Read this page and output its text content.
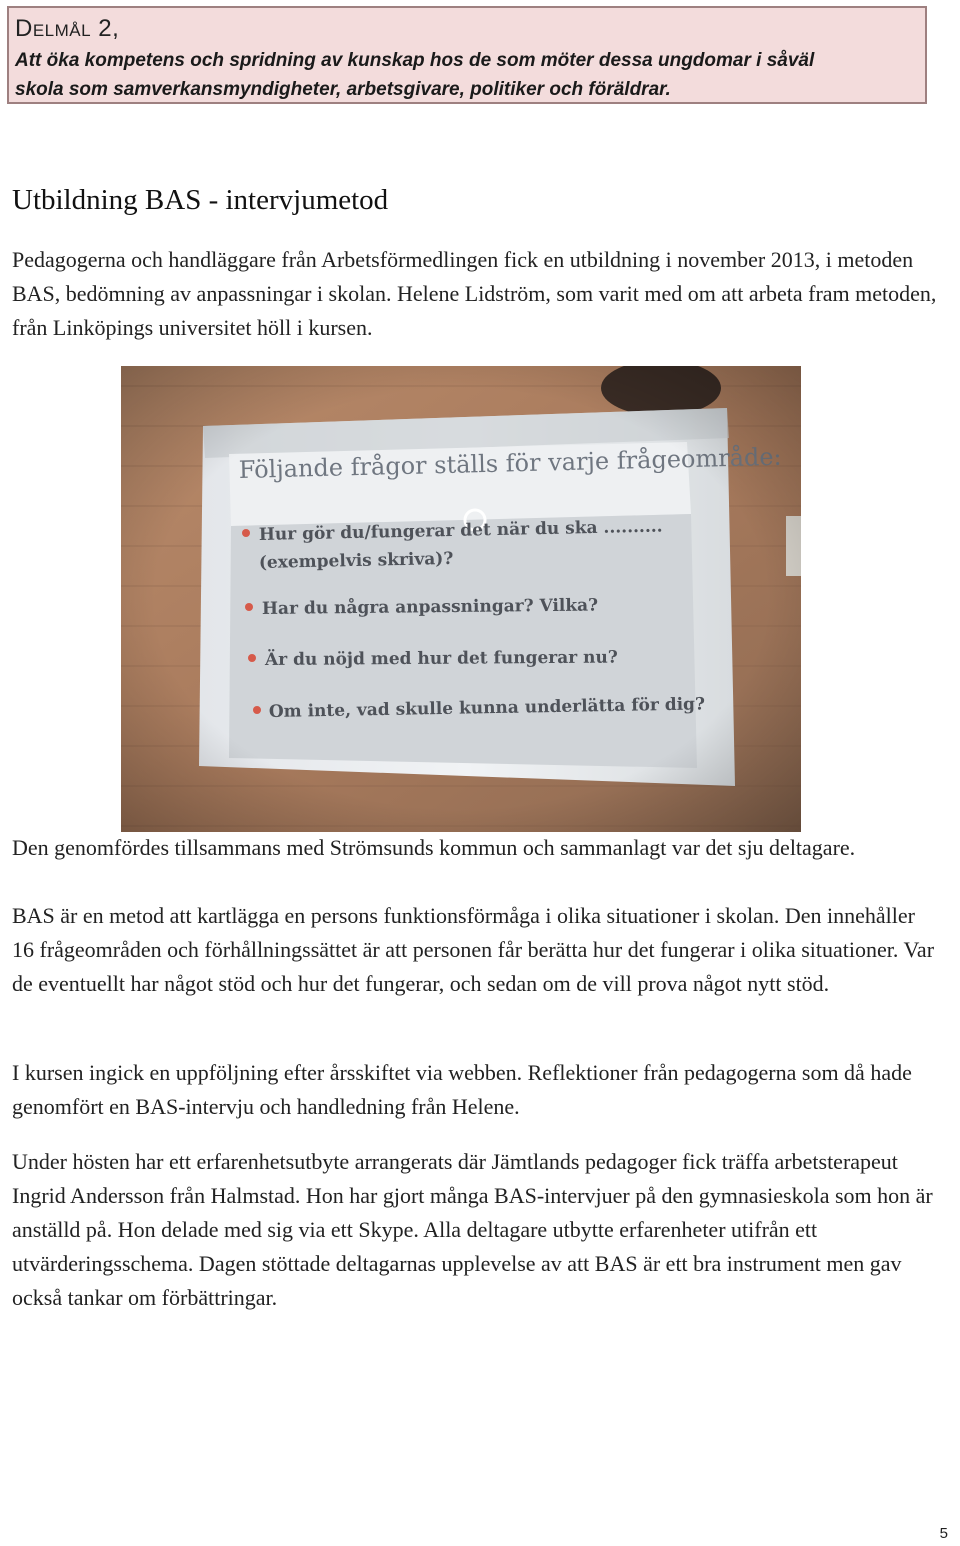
Delmål 2,
Att öka kompetens och spridning av kunskap hos de som möter dessa ungdomar i såväl
skola som samverkansmyndigheter, arbetsgivare, politiker och föräldrar.
Utbildning BAS - intervjumetod

Pedagogerna och handläggare från Arbetsförmedlingen fick en utbildning i november 2013, i metoden BAS, bedömning av anpassningar i skolan. Helene Lidström, som varit med om att arbeta fram metoden, från Linköpings universitet höll i kursen.

Den genomfördes tillsammans med Strömsunds kommun och sammanlagt var det sju deltagare.

BAS är en metod att kartlägga en persons funktionsförmåga i olika situationer i skolan. Den innehåller 16 frågeområden och förhållningssättet är att personen får berätta hur det fungerar i olika situationer. Var de eventuellt har något stöd och hur det fungerar, och sedan om de vill prova något nytt stöd.

I kursen ingick en uppföljning efter årsskiftet via webben. Reflektioner från pedagogerna som då hade genomfört en BAS-intervju och handledning från Helene.

Under hösten har ett erfarenhetsutbyte arrangerats där Jämtlands pedagoger fick träffa arbetsterapeut Ingrid Andersson från Halmstad. Hon har gjort många BAS-intervjuer på den gymnasieskola som hon är anställd på. Hon delade med sig via ett Skype. Alla deltagare utbytte erfarenheter utifrån ett utvärderingsschema. Dagen stöttade deltagarnas upplevelse av att BAS är ett bra instrument men gav också tankar om förbättringar.

5
